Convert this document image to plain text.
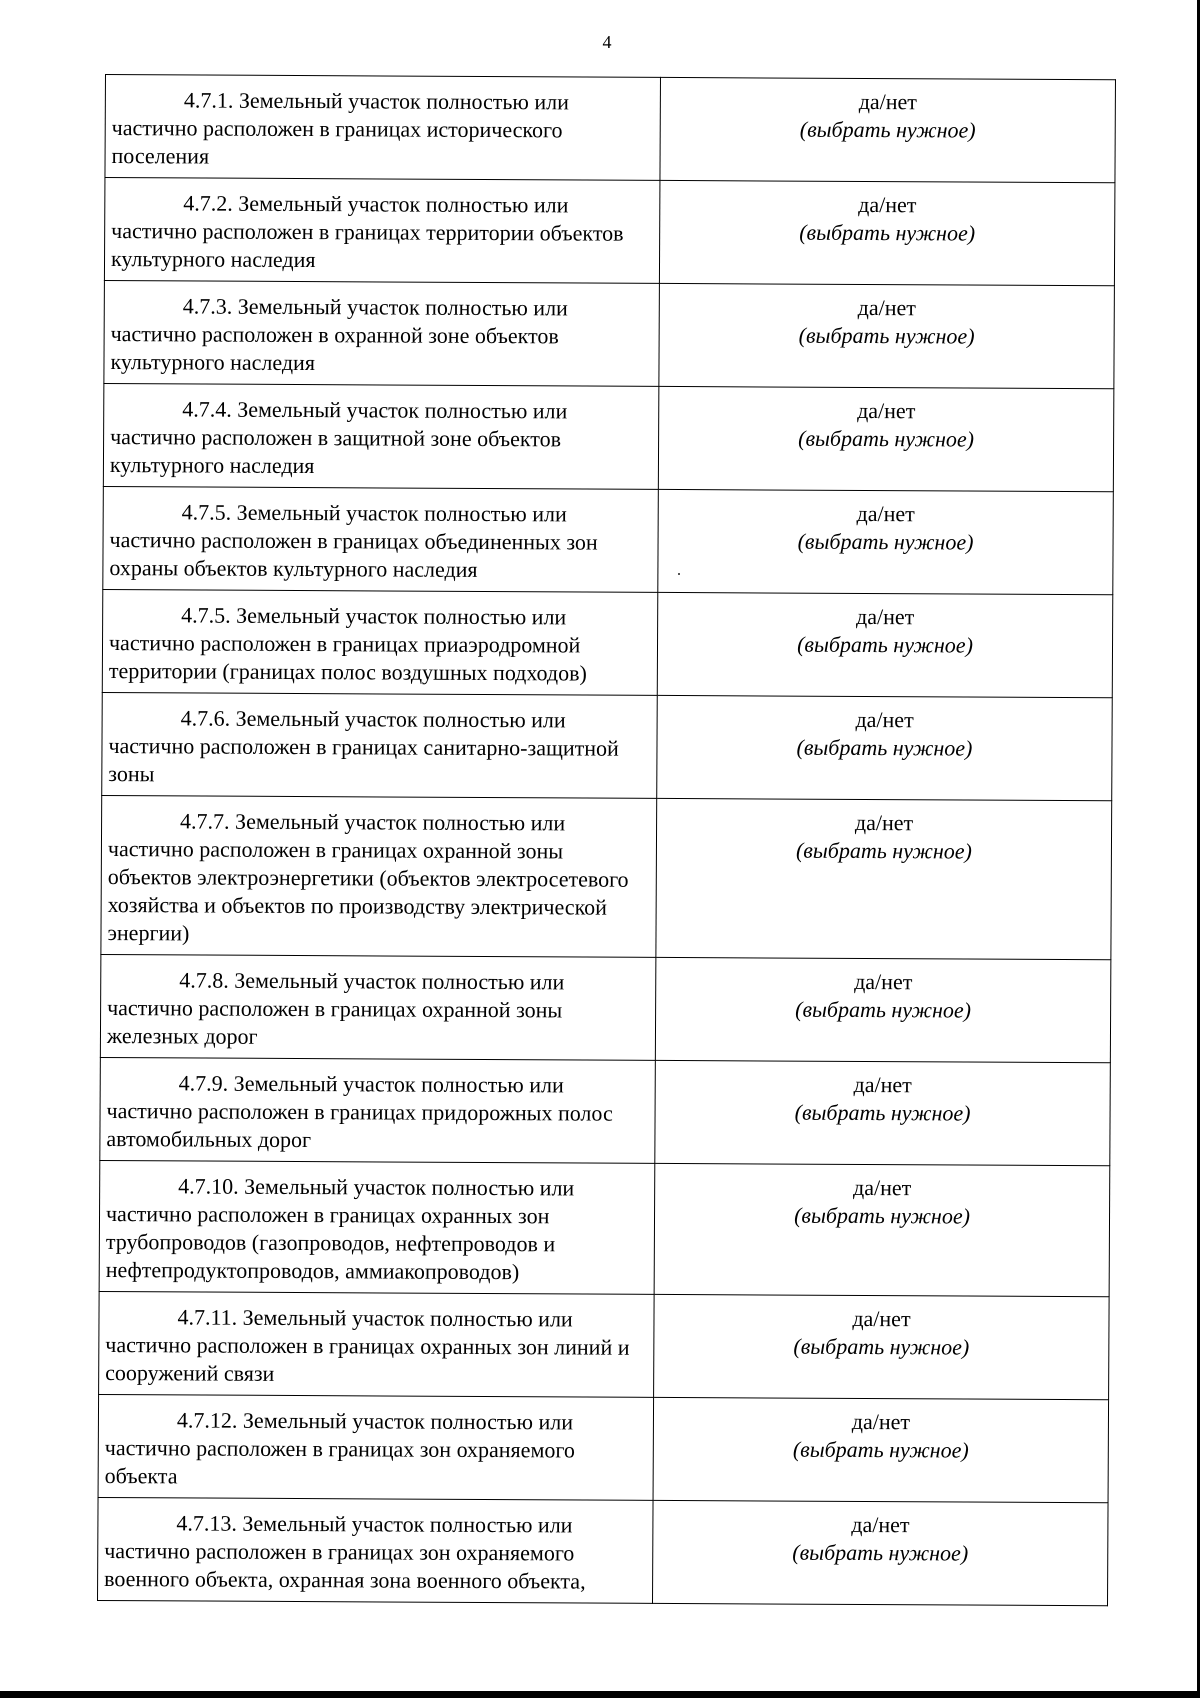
4
4.7.1. Земельный участок полностью или частично расположен в границах исторического поселения	да/нет
(выбрать нужное)

4.7.2. Земельный участок полностью или частично расположен в границах территории объектов культурного наследия	да/нет
(выбрать нужное)

4.7.3. Земельный участок полностью или частично расположен в охранной зоне объектов культурного наследия	да/нет
(выбрать нужное)

4.7.4. Земельный участок полностью или частично расположен в защитной зоне объектов культурного наследия	да/нет
(выбрать нужное)

4.7.5. Земельный участок полностью или частично расположен в границах объединенных зон охраны объектов культурного наследия	да/нет
(выбрать нужное)

4.7.5. Земельный участок полностью или частично расположен в границах приаэродромной территории (границах полос воздушных подходов)	да/нет
(выбрать нужное)

4.7.6. Земельный участок полностью или частично расположен в границах санитарно-защитной зоны	да/нет
(выбрать нужное)

4.7.7. Земельный участок полностью или частично расположен в границах охранной зоны объектов электроэнергетики (объектов электросетевого хозяйства и объектов по производству электрической энергии)	да/нет
(выбрать нужное)

4.7.8. Земельный участок полностью или частично расположен в границах охранной зоны железных дорог	да/нет
(выбрать нужное)

4.7.9. Земельный участок полностью или частично расположен в границах придорожных полос автомобильных дорог	да/нет
(выбрать нужное)

4.7.10. Земельный участок полностью или частично расположен в границах охранных зон трубопроводов (газопроводов, нефтепроводов и нефтепродуктопроводов, аммиакопроводов)	да/нет
(выбрать нужное)

4.7.11. Земельный участок полностью или частично расположен в границах охранных зон линий и сооружений связи	да/нет
(выбрать нужное)

4.7.12. Земельный участок полностью или частично расположен в границах зон охраняемого объекта	да/нет
(выбрать нужное)

4.7.13. Земельный участок полностью или частично расположен в границах зон охраняемого военного объекта, охранная зона военного объекта,	да/нет
(выбрать нужное)
